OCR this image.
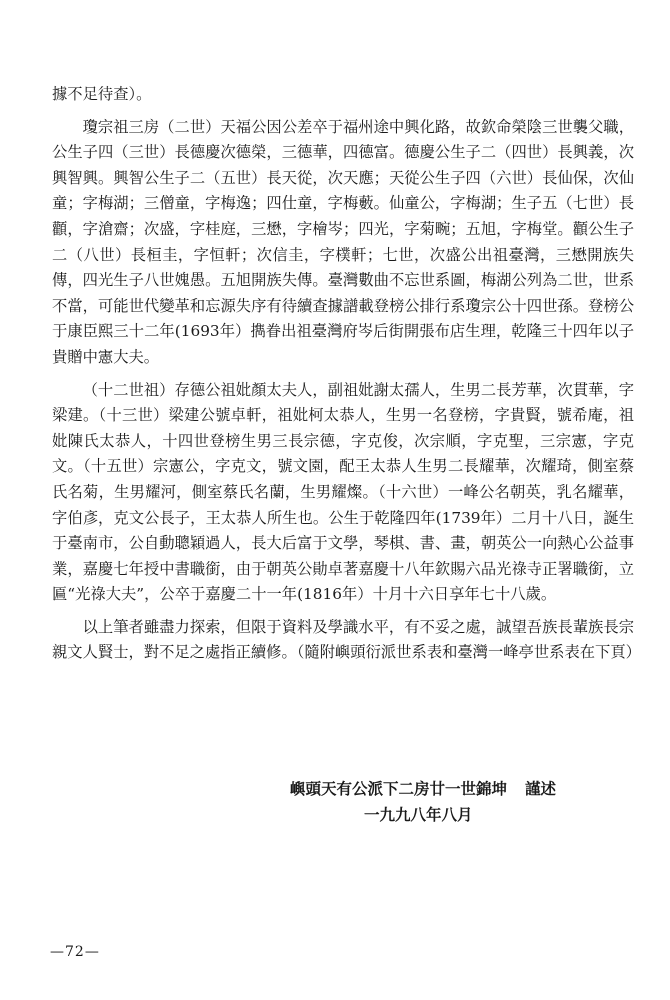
據不足待查）。

瓊宗祖三房（二世）天福公因公差卒于福州途中興化路，故欽命榮陰三世襲父職，公生子四（三世）長德慶次德榮，三德華，四德富。德慶公生子二（四世）長興義，次興智興。興智公生子二（五世）長天從，次天應；天從公生子四（六世）長仙保，次仙童；字梅湖；三僧童，字梅逸；四仕童，字梅藪。仙童公，字梅湖；生子五（七世）長顴，字滄齋；次盛，字桂庭，三懋，字檜岑；四光，字菊畹；五旭，字梅堂。顴公生子二（八世）長桓圭，字恒軒；次信圭，字樸軒；七世，次盛公出祖臺灣，三懋開族失傳，四光生子八世媿愚。五旭開族失傳。臺灣數曲不忘世系圖，梅湖公列為二世，世系不當，可能世代變革和忘源失序有待續查據譜載登榜公排行系瓊宗公十四世孫。登榜公于康臣熙三十二年(1693年）擕眷出祖臺灣府岑后街開張布店生理，乾隆三十四年以子貴贈中憲大夫。

（十二世祖）存德公祖妣顏太夫人，副祖妣謝太孺人，生男二長芳華，次貫華，字梁建。（十三世）梁建公號卓軒，祖妣柯太恭人，生男一名登榜，字貴賢，號希庵，祖妣陳氏太恭人，十四世登榜生男三長宗德，字克俊，次宗順，字克聖，三宗憲，字克文。（十五世）宗憲公，字克文，號文園，配王太恭人生男二長耀華，次耀琦，側室蔡氏名菊，生男耀河，側室蔡氏名蘭，生男耀燦。（十六世）一峰公名朝英，乳名耀華，字伯彥，克文公長子，王太恭人所生也。公生于乾隆四年(1739年）二月十八日，誕生于臺南市，公自動聰穎過人，長大后富于文學，琴棋、書、畫，朝英公一向熱心公益事業，嘉慶七年授中書職銜，由于朝英公勛卓著嘉慶十八年欽賜六品光祿寺正署職銜，立匾“光祿大夫”，公卒于嘉慶二十一年(1816年）十月十六日享年七十八歲。

以上筆者雖盡力探索，但限于資料及學識水平，有不妥之處，誠望吾族長輩族長宗親文人賢士，對不足之處指正續修。（隨附嶼頭衍派世系表和臺灣一峰亭世系表在下頁）

嶼頭天有公派下二房廿一世錦坤 謹述
一九九八年八月
—72—
